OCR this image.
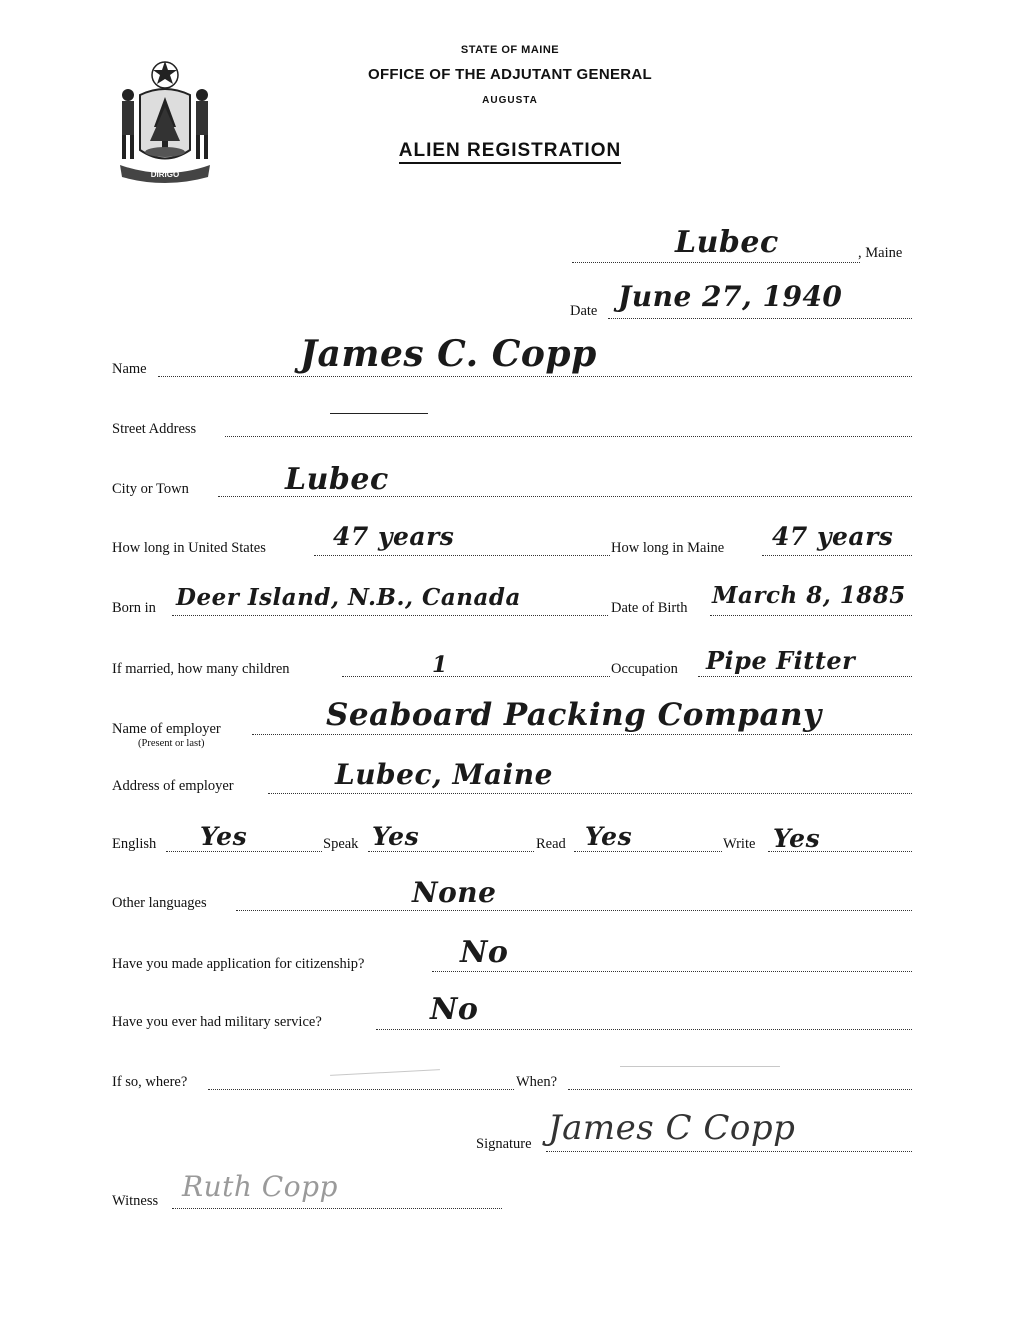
DIRIGO
STATE OF MAINE
OFFICE OF THE ADJUTANT GENERAL
AUGUSTA
ALIEN REGISTRATION
Lubec	, Maine
Date June 27, 1940
Name	James C. Copp
Street Address
City or Town	Lubec
How long in United States	47 years	How long in Maine 47 years
Born in Deer Island, N.B., Canada	Date of Birth March 8, 1885
If married, how many children	1	Occupation Pipe Fitter
Name of employer
(Present or last)
Seaboard Packing Company
Address of employer	Lubec, Maine
English Yes	Speak Yes	Read Yes	Write Yes
Other languages	None
Have you made application for citizenship?	No
Have you ever had military service?	No
If so, where?	When?
Signature James C Copp
Witness Ruth Copp
